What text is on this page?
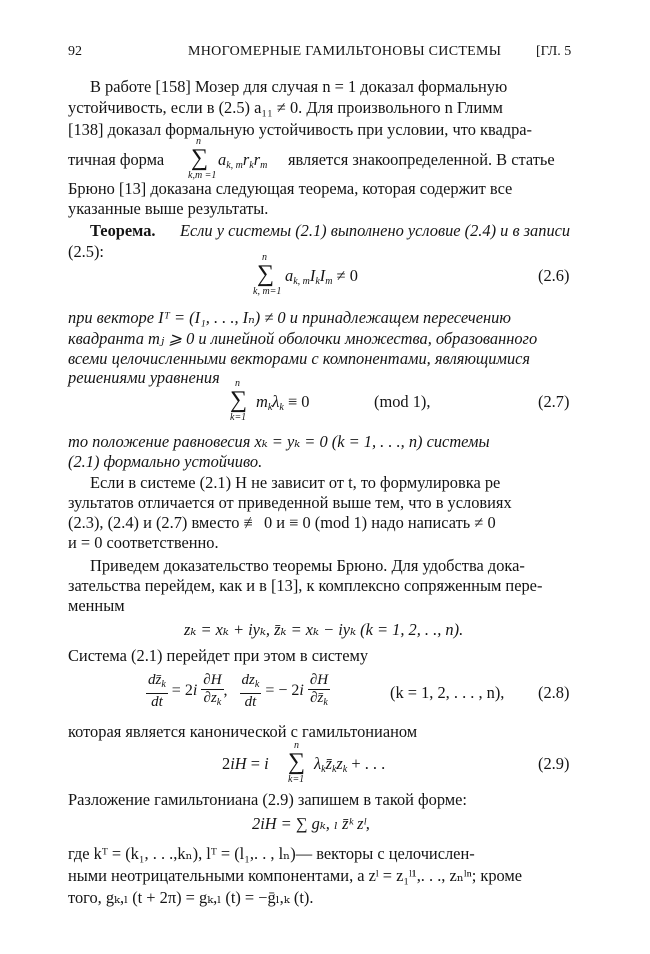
92	МНОГОМЕРНЫЕ ГАМИЛЬТОНОВЫ СИСТЕМЫ [ГЛ. 5
В работе [158] Мозер для случая n = 1 доказал формальную
устойчивость, если в (2.5) a₁₁ ≠ 0. Для произвольного n Глимм
[138] доказал формальную устойчивость при условии, что квадра-
тичная форма
n
∑
k,m =1
$a_{k, m}r_kr_m$ является знакоопределенной. В статье
Брюно [13] доказана следующая теорема, которая содержит все
указанные выше результаты.
Теорема. Если у системы (2.1) выполнено условие (2.4) и в записи
(2.5):	n
∑
k, m=1
$a_{k, m}I_kI_m \ne 0$	(2.6)
при векторе Iᵀ = (I₁, . . ., Iₙ) ≠ 0 и принадлежащем пересечению
квадранта mⱼ ⩾ 0 и линейной оболочки множества, образованного
всеми целочисленными векторами с компонентами, являющимися
решениями уравнения n
∑
k=1
$m_k\lambda_k \equiv 0$	(mod 1),	(2.7)
то положение равновесия xₖ = yₖ = 0 (k = 1, . . ., n) системы
(2.1) формально устойчиво.
Если в системе (2.1) H не зависит от t, то формулировка ре
зультатов отличается от приведенной выше тем, что в условиях
(2.3), (2.4) и (2.7) вместо ≢ 0 и ≡ 0 (mod 1) надо написать ≠ 0
и = 0 соответственно.
Приведем доказательство теоремы Брюно. Для удобства дока-
зательства перейдем, как и в [13], к комплексно сопряженным пере-
менным
zₖ = xₖ + iyₖ, z̄ₖ = xₖ − iyₖ (k = 1, 2, . ., n).
Система (2.1) перейдет при этом в систему
$\frac{dz̄_k}{dt} = 2i \frac{\partial H}{\partial z_k}$ , $\frac{dz_k}{dt}$ = − $2i \frac{\partial H}{\partial z̄_k}$	(k = 1, 2, . . . , n), (2.8)
которая является канонической с гамильтонианом
2iH = i
n
∑
k=1
$\lambda_kz̄_kz_k$ + . . .	(2.9)
Разложение гамильтониана (2.9) запишем в такой форме:
2iH = ∑ gₖ, ₗ z̄ᵏ zˡ,
где kᵀ = (k₁, . . .,kₙ), lᵀ = (l₁,. . , lₙ)— векторы с целочислен-
ными неотрицательными компонентами, а zˡ = z₁ˡ¹,. . ., zₙˡⁿ; кроме
того, gₖ,ₗ (t + 2π) = gₖ,ₗ (t) = −ḡₗ,ₖ (t).
